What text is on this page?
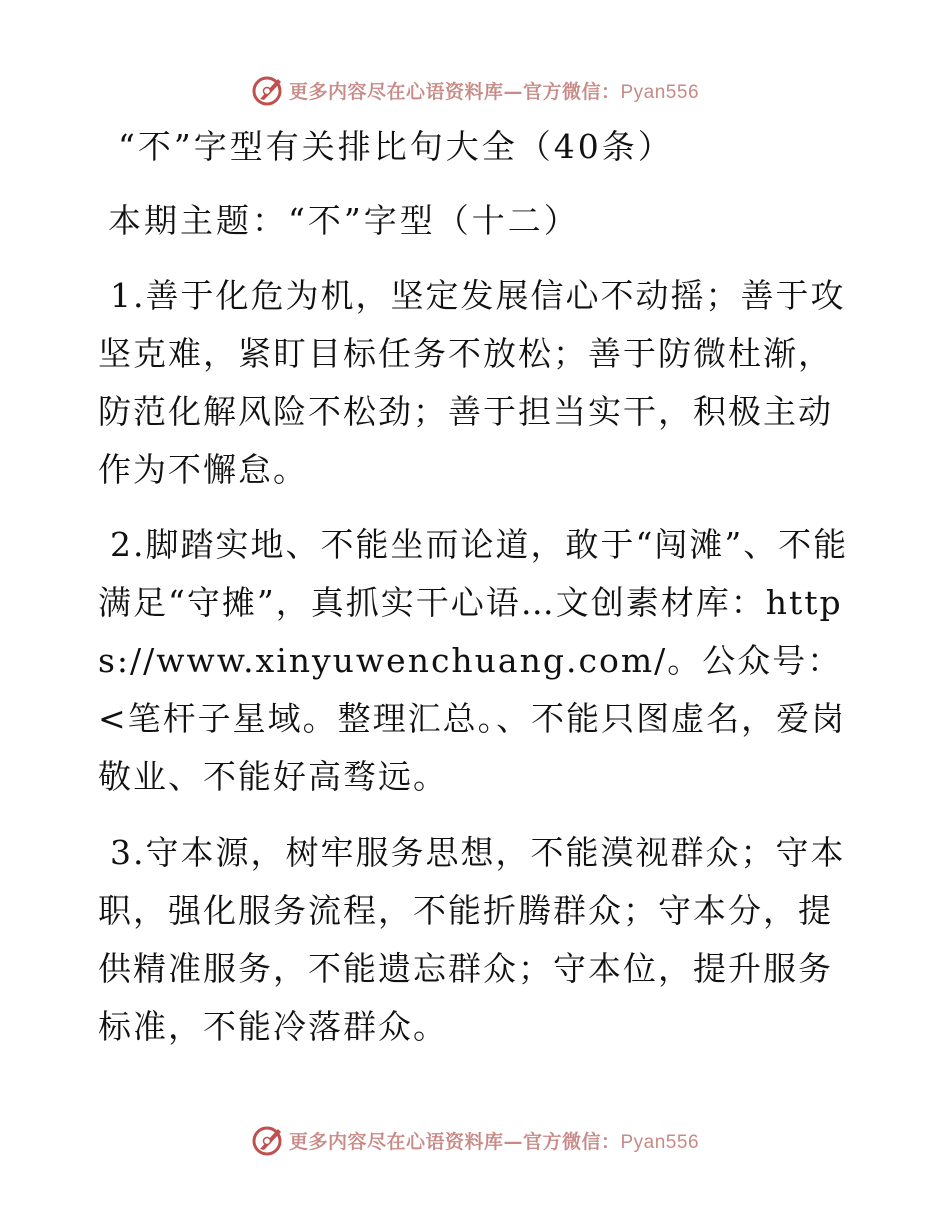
更多内容尽在心语资料库—官方微信：Pyan556
“不”字型有关排比句大全（40条）

本期主题：“不”字型（十二）

1.善于化危为机，坚定发展信心不动摇；善于攻坚克难，紧盯目标任务不放松；善于防微杜渐，防范化解风险不松劲；善于担当实干，积极主动作为不懈怠。

2.脚踏实地、不能坐而论道，敢于“闯滩”、不能满足“守摊”，真抓实干心语…文创素材库：https://www.xinyuwenchuang.com/。公众号：<笔杆子星域。整理汇总。、不能只图虚名，爱岗敬业、不能好高骛远。

3.守本源，树牢服务思想，不能漠视群众；守本职，强化服务流程，不能折腾群众；守本分，提供精准服务，不能遗忘群众；守本位，提升服务标准，不能冷落群众。

更多内容尽在心语资料库—官方微信：Pyan556
